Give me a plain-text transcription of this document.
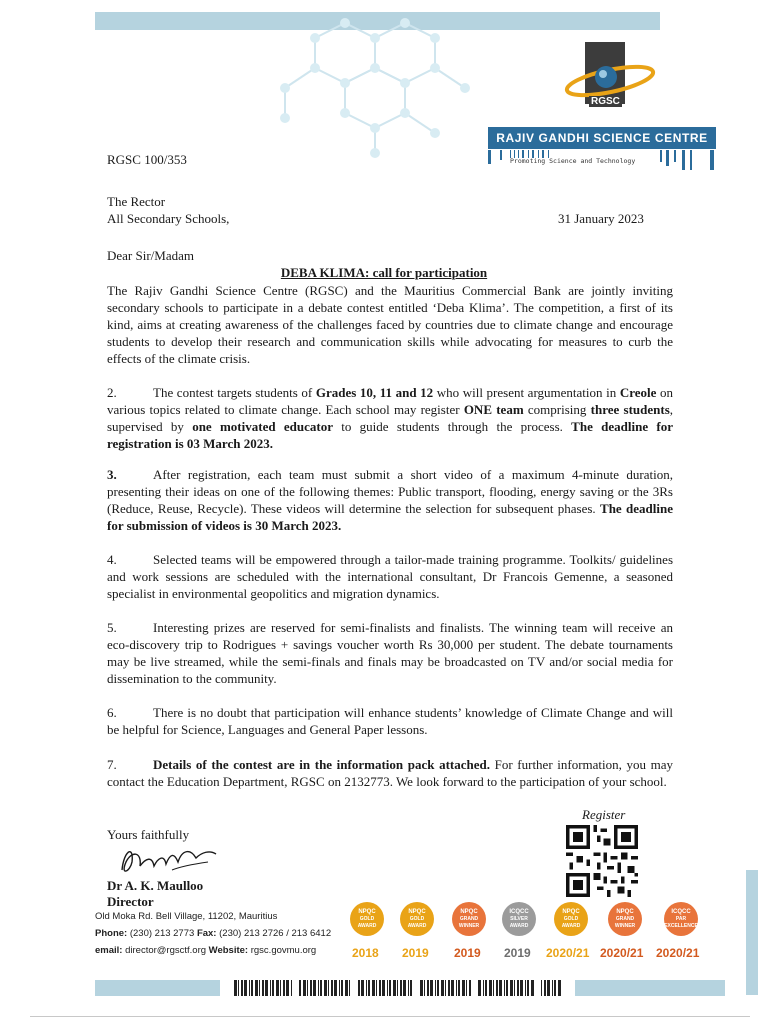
RGSC
RAJIV GANDHI SCIENCE CENTRE
Promoting Science and Technology
RGSC 100/353
The Rector
All Secondary Schools,	31 January 2023
Dear Sir/Madam
DEBA KLIMA: call for participation
The Rajiv Gandhi Science Centre (RGSC) and the Mauritius Commercial Bank are jointly inviting secondary schools to participate in a debate contest entitled ‘Deba Klima’. The competition, a first of its kind, aims at creating awareness of the challenges faced by countries due to climate change and encourage students to develop their research and communication skills while advocating for measures to curb the effects of the climate crisis.
2.	The contest targets students of Grades 10, 11 and 12 who will present argumentation in Creole on various topics related to climate change. Each school may register ONE team comprising three students, supervised by one motivated educator to guide students through the process. The deadline for registration is 03 March 2023.
3.	After registration, each team must submit a short video of a maximum 4-minute duration, presenting their ideas on one of the following themes: Public transport, flooding, energy saving or the 3Rs (Reduce, Reuse, Recycle). These videos will determine the selection for subsequent phases. The deadline for submission of videos is 30 March 2023.
4.	Selected teams will be empowered through a tailor-made training programme. Toolkits/ guidelines and work sessions are scheduled with the international consultant, Dr Francois Gemenne, a seasoned specialist in environmental geopolitics and migration dynamics.
5.	Interesting prizes are reserved for semi-finalists and finalists. The winning team will receive an eco-discovery trip to Rodrigues + savings voucher worth Rs 30,000 per student. The debate tournaments may be live streamed, while the semi-finals and finals may be broadcasted on TV and/or social media for dissemination to the community.
6.	There is no doubt that participation will enhance students’ knowledge of Climate Change and will be helpful for Science, Languages and General Paper lessons.
7.	Details of the contest are in the information pack attached. For further information, you may contact the Education Department, RGSC on 2132773. We look forward to the participation of your school.
Yours faithfully
Dr A. K. Maulloo
Director
Old Moka Rd. Bell Village, 11202, Mauritius
Phone: (230) 213 2773 Fax: (230) 213 2726 / 213 6412
email: director@rgsctf.org Website: rgsc.govmu.org
Register
NPQC
GOLD
AWARD
2018
NPQC
GOLD
AWARD
2019
NPQC
GRAND
WINNER
2019
ICQCC
SILVER
AWARD
2019
NPQC
GOLD
AWARD
2020/21
NPQC
GRAND
WINNER
2020/21
ICQCC
PAR
EXCELLENCE
2020/21
